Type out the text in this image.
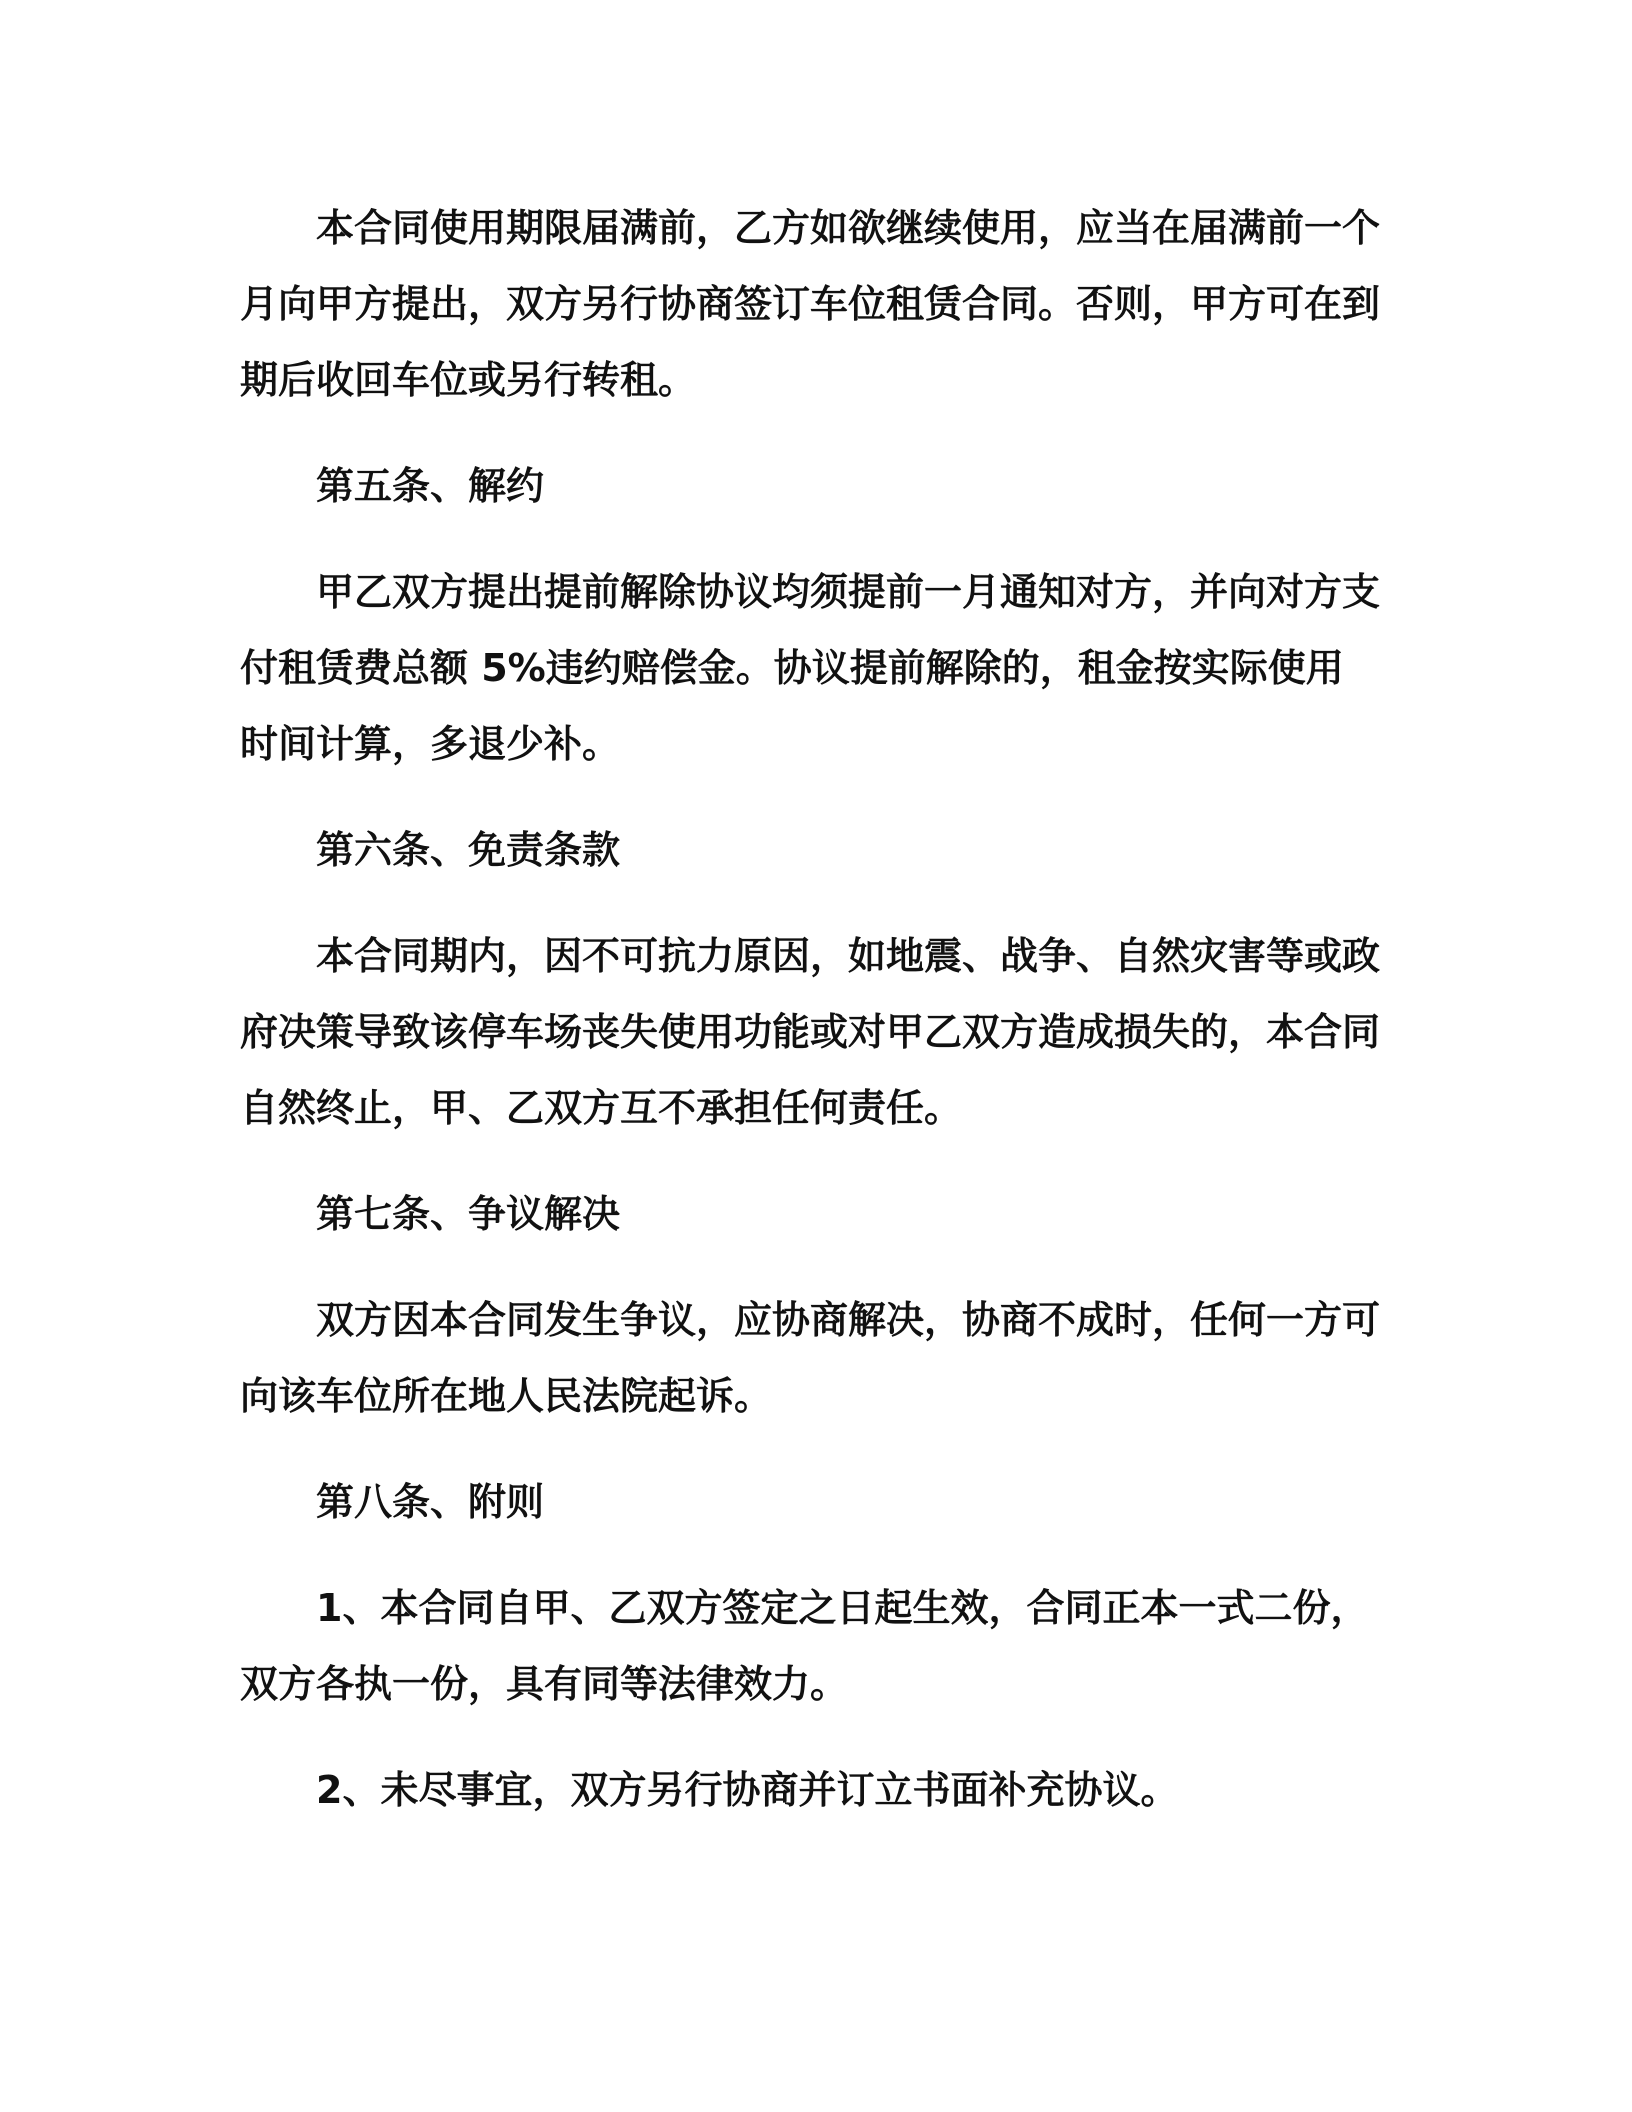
本合同使用期限届满前，乙方如欲继续使用，应当在届满前一个月向甲方提出，双方另行协商签订车位租赁合同。否则，甲方可在到期后收回车位或另行转租。

第五条、解约

甲乙双方提出提前解除协议均须提前一月通知对方，并向对方支付租赁费总额 5%违约赔偿金。协议提前解除的，租金按实际使用时间计算，多退少补。

第六条、免责条款

本合同期内，因不可抗力原因，如地震、战争、自然灾害等或政府决策导致该停车场丧失使用功能或对甲乙双方造成损失的，本合同自然终止，甲、乙双方互不承担任何责任。

第七条、争议解决

双方因本合同发生争议，应协商解决，协商不成时，任何一方可向该车位所在地人民法院起诉。

第八条、附则

1、本合同自甲、乙双方签定之日起生效，合同正本一式二份，双方各执一份，具有同等法律效力。

2、未尽事宜，双方另行协商并订立书面补充协议。
